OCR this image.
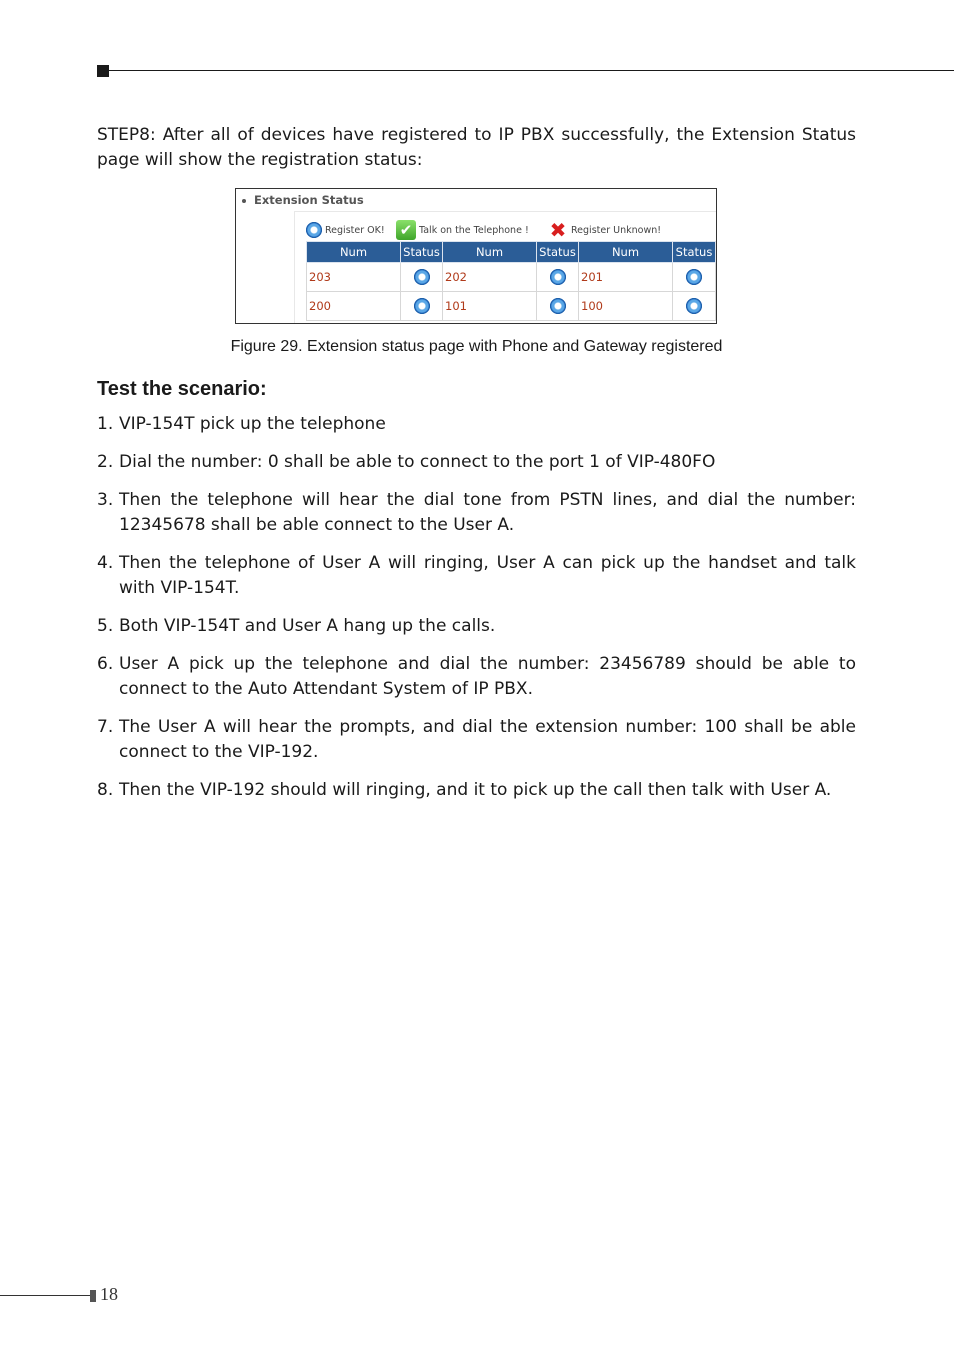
STEP8: After all of devices have registered to IP PBX successfully, the Extension Status page will show the registration status:

Extension Status
Register OK! ✔ Talk on the Telephone ! ✖ Register Unknown!
Num	Status	Num	Status	Num	Status
203		202		201	
200		101		100	
Figure 29. Extension status page with Phone and Gateway registered
Test the scenario:
1. VIP-154T pick up the telephone
2. Dial the number: 0 shall be able to connect to the port 1 of VIP-480FO
3. Then the telephone will hear the dial tone from PSTN lines, and dial the number: 12345678 shall be able connect to the User A.
4. Then the telephone of User A will ringing, User A can pick up the handset and talk with VIP-154T.
5. Both VIP-154T and User A hang up the calls.
6. User A pick up the telephone and dial the number: 23456789 should be able to connect to the Auto Attendant System of IP PBX.
7. The User A will hear the prompts, and dial the extension number: 100 shall be able   connect to the VIP-192.
8. Then the VIP-192 should will ringing, and it to pick up the call then talk with User A.
18
